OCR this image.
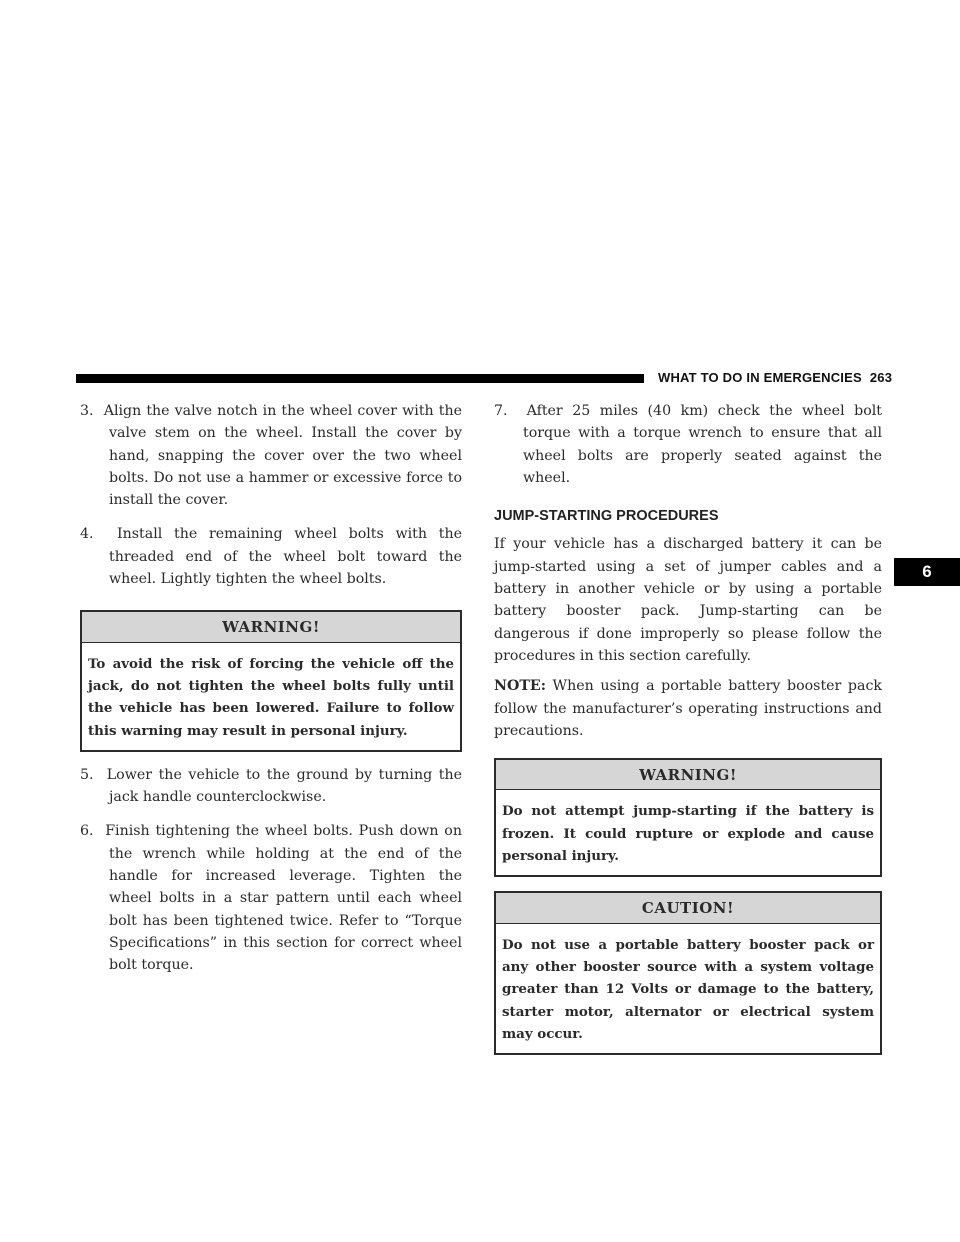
WHAT TO DO IN EMERGENCIES 263
6

3. Align the valve notch in the wheel cover with the valve stem on the wheel. Install the cover by hand, snapping the cover over the two wheel bolts. Do not use a hammer or excessive force to install the cover.

4. Install the remaining wheel bolts with the threaded end of the wheel bolt toward the wheel. Lightly tighten the wheel bolts.

WARNING!
To avoid the risk of forcing the vehicle off the jack, do not tighten the wheel bolts fully until the vehicle has been lowered. Failure to follow this warning may result in personal injury.

5. Lower the vehicle to the ground by turning the jack handle counterclockwise.

6. Finish tightening the wheel bolts. Push down on the wrench while holding at the end of the handle for increased leverage. Tighten the wheel bolts in a star pattern until each wheel bolt has been tightened twice. Refer to “Torque Specifications” in this section for correct wheel bolt torque.

7. After 25 miles (40 km) check the wheel bolt torque with a torque wrench to ensure that all wheel bolts are properly seated against the wheel.

JUMP-STARTING PROCEDURES

If your vehicle has a discharged battery it can be jump-started using a set of jumper cables and a battery in another vehicle or by using a portable battery booster pack. Jump-starting can be dangerous if done improperly so please follow the procedures in this section carefully.

NOTE: When using a portable battery booster pack follow the manufacturer’s operating instructions and precautions.

WARNING!
Do not attempt jump-starting if the battery is frozen. It could rupture or explode and cause personal injury.
CAUTION!
Do not use a portable battery booster pack or any other booster source with a system voltage greater than 12 Volts or damage to the battery, starter motor, alternator or electrical system may occur.
